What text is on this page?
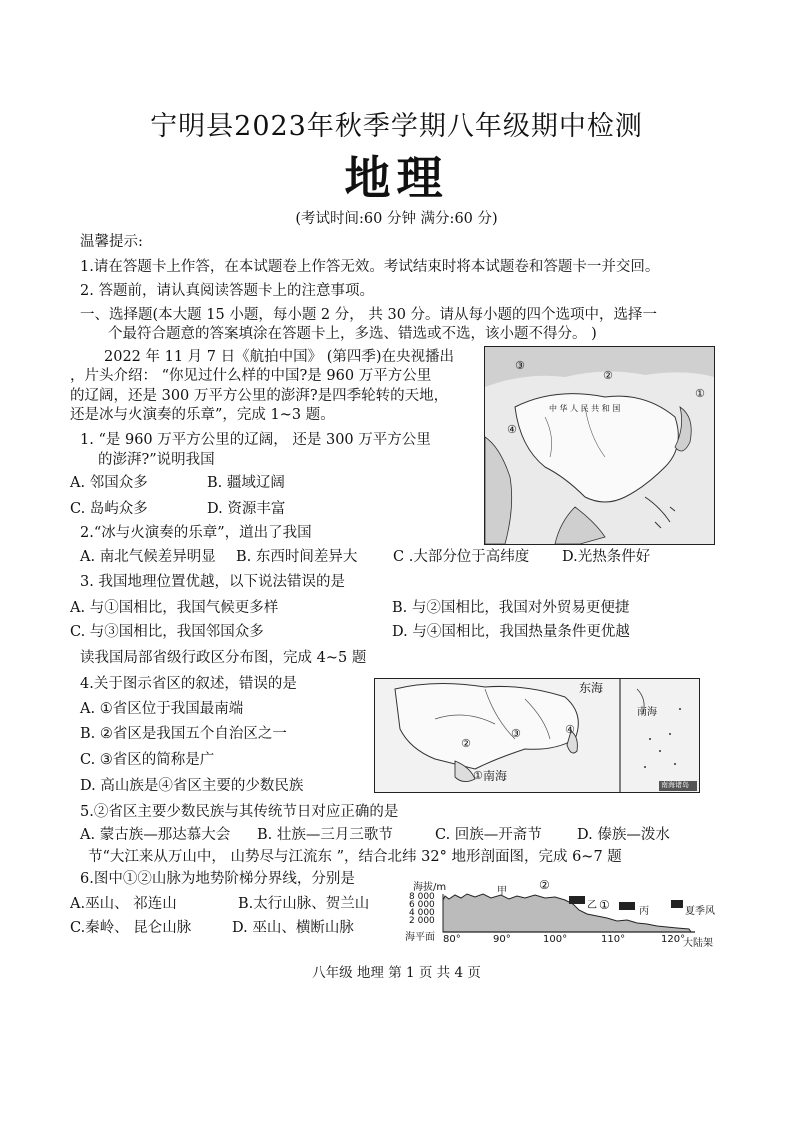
宁明县2023年秋季学期八年级期中检测
地理
(考试时间:60 分钟 满分:60 分)
温馨提示:
1.请在答题卡上作答，在本试题卷上作答无效。考试结束时将本试题卷和答题卡一并交回。
2. 答题前，请认真阅读答题卡上的注意事项。
一、选择题(本大题 15 小题，每小题 2 分， 共 30 分。请从每小题的四个选项中，选择一
个最符合题意的答案填涂在答题卡上，多选、错选或不选，该小题不得分。 )
2022 年 11 月 7 日《航拍中国》 (第四季)在央视播出
，片头介绍： “你见过什么样的中国?是 960 万平方公里
的辽阔，还是 300 万平方公里的澎湃?是四季轮转的天地，
还是冰与火演奏的乐章”，完成 1~3 题。
③
②
①
④
中 华 人 民 共 和 国
1. “是 960 万平方公里的辽阔， 还是 300 万平方公里
的澎湃?”说明我国
A. 邻国众多	B. 疆域辽阔
C. 岛屿众多	D. 资源丰富
2.“冰与火演奏的乐章”，道出了我国
A. 南北气候差异明显 B. 东西时间差异大 C .大部分位于高纬度 D.光热条件好
3. 我国地理位置优越，以下说法错误的是
A. 与①国相比，我国气候更多样	B. 与②国相比，我国对外贸易更便捷
C. 与③国相比，我国邻国众多	D. 与④国相比，我国热量条件更优越
读我国局部省级行政区分布图，完成 4~5 题
4.关于图示省区的叙述，错误的是
A. ①省区位于我国最南端
B. ②省区是我国五个自治区之一
C. ③省区的简称是广
D. 高山族是④省区主要的少数民族
东海
南海
南海
南海诸岛
①
②
③	④
5.②省区主要少数民族与其传统节日对应正确的是
A. 蒙古族—那达慕大会 B. 壮族—三月三歌节	C. 回族—开斋节 D. 傣族—泼水
节“大江来从万山中， 山势尽与江流东 ”，结合北纬 32° 地形剖面图，完成 6~7 题
6.图中①②山脉为地势阶梯分界线，分别是
A.巫山、 祁连山	B.太行山脉、贺兰山
C.秦岭、 昆仑山脉	D. 巫山、横断山脉
海拔/m
8 000
6 000
4 000
2 000
海平面 80°	90°	100°	110°	120°
大陆架
甲	②
乙 ①	丙	夏季风
八年级 地理 第 1 页 共 4 页
